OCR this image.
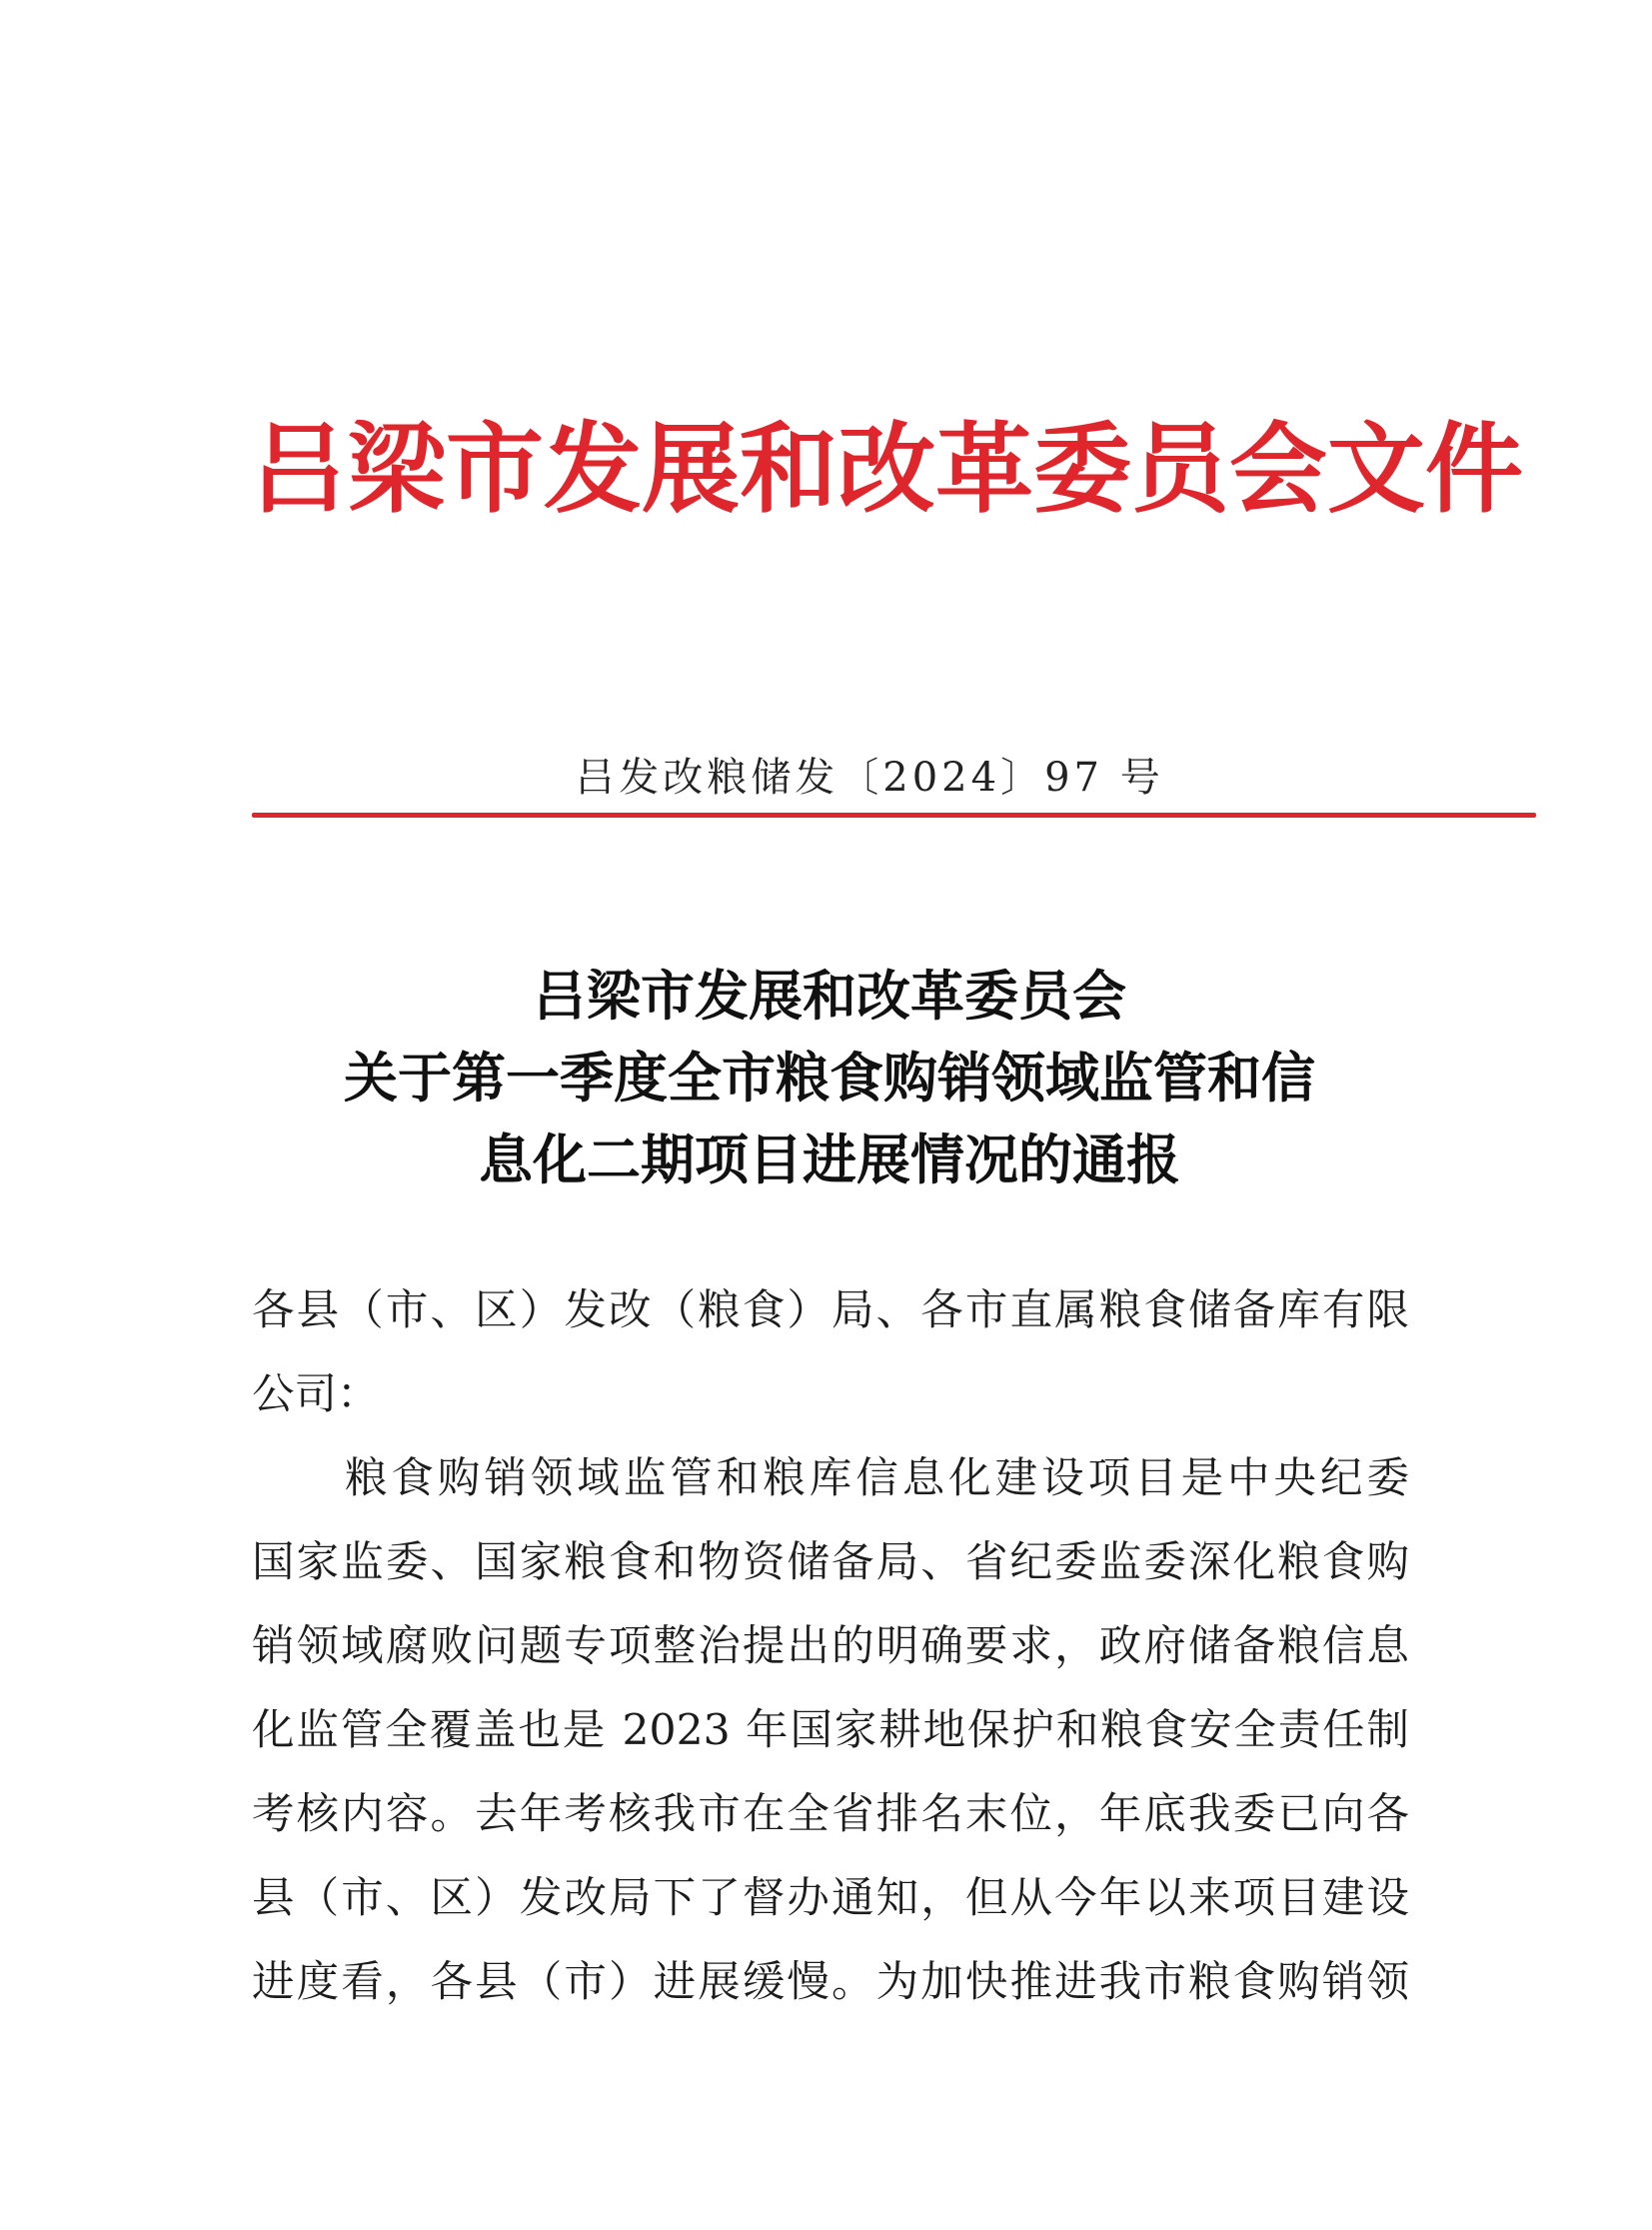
吕梁市发展和改革委员会文件
吕发改粮储发〔2024〕97 号
吕梁市发展和改革委员会
关于第一季度全市粮食购销领域监管和信
息化二期项目进展情况的通报
各县（市、区）发改（粮食）局、各市直属粮食储备库有限
公司：
　　粮食购销领域监管和粮库信息化建设项目是中央纪委
国家监委、国家粮食和物资储备局、省纪委监委深化粮食购
销领域腐败问题专项整治提出的明确要求，政府储备粮信息
化监管全覆盖也是 2023 年国家耕地保护和粮食安全责任制
考核内容。去年考核我市在全省排名末位，年底我委已向各
县（市、区）发改局下了督办通知，但从今年以来项目建设
进度看，各县（市）进展缓慢。为加快推进我市粮食购销领
